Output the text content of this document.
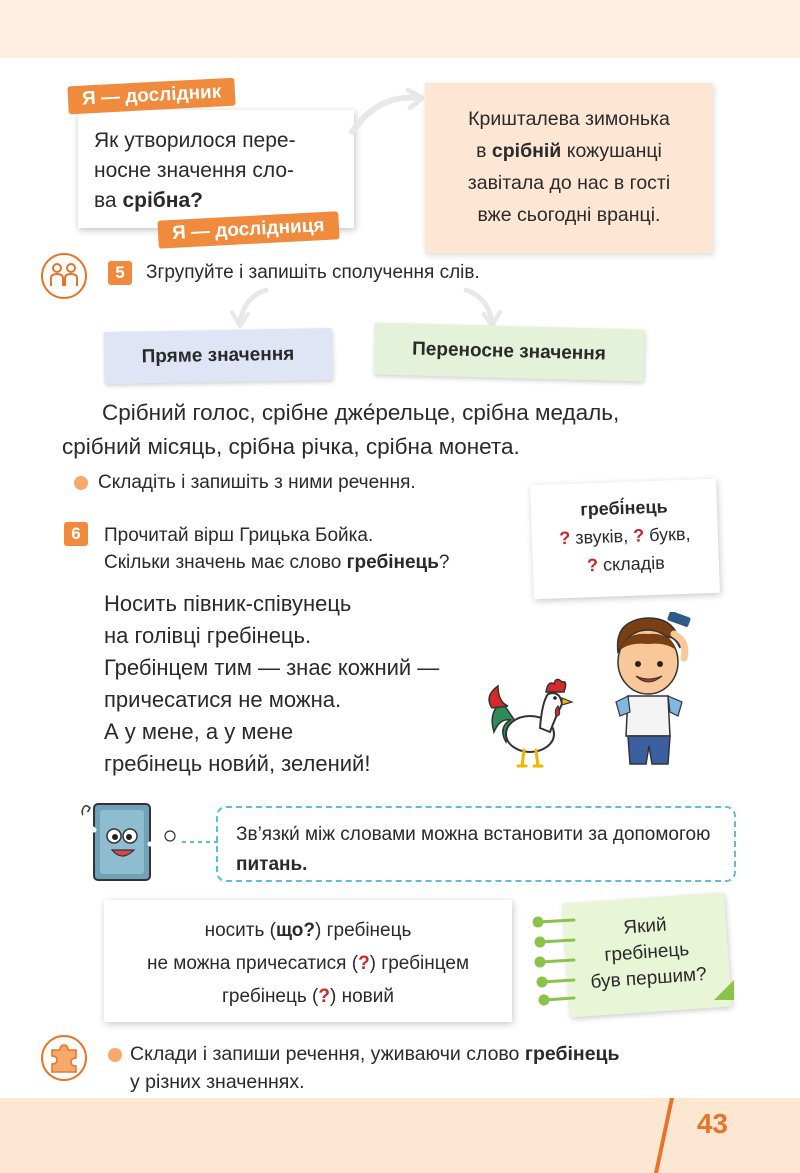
43
Як утворилося пере-
носне значення сло-
ва срібна?
Я — дослідник
Я — дослідниця
Кришталева зимонька
в срібній кожушанці
завітала до нас в гості
вже сьогодні вранці.
5	Згрупуйте і запишіть сполучення слів.
Пряме значення	Переносне значення
Срібний голос, срібне дже́рельце, срібна медаль,
срібний місяць, срібна річка, срібна монета.
Складіть і запишіть з ними речення.
6	Прочитай вірш Грицька Бойка.
Скільки значень має слово гребінець?
гребі́нець
? звуків, ? букв,
? складів
Носить півник-співунець
на голівці гребінець.
Гребінцем тим — знає кожний —
причесатися не можна.
А у мене, а у мене
гребінець нови́й, зелений!
Зв’язки́ між словами можна встановити за допомогою питань.
носить (що?) гребінець
не можна причесатися (?) гребінцем
гребінець (?) новий
Який
гребінець
був першим?
Склади і запиши речення, уживаючи слово гребінець
у різних значеннях.
